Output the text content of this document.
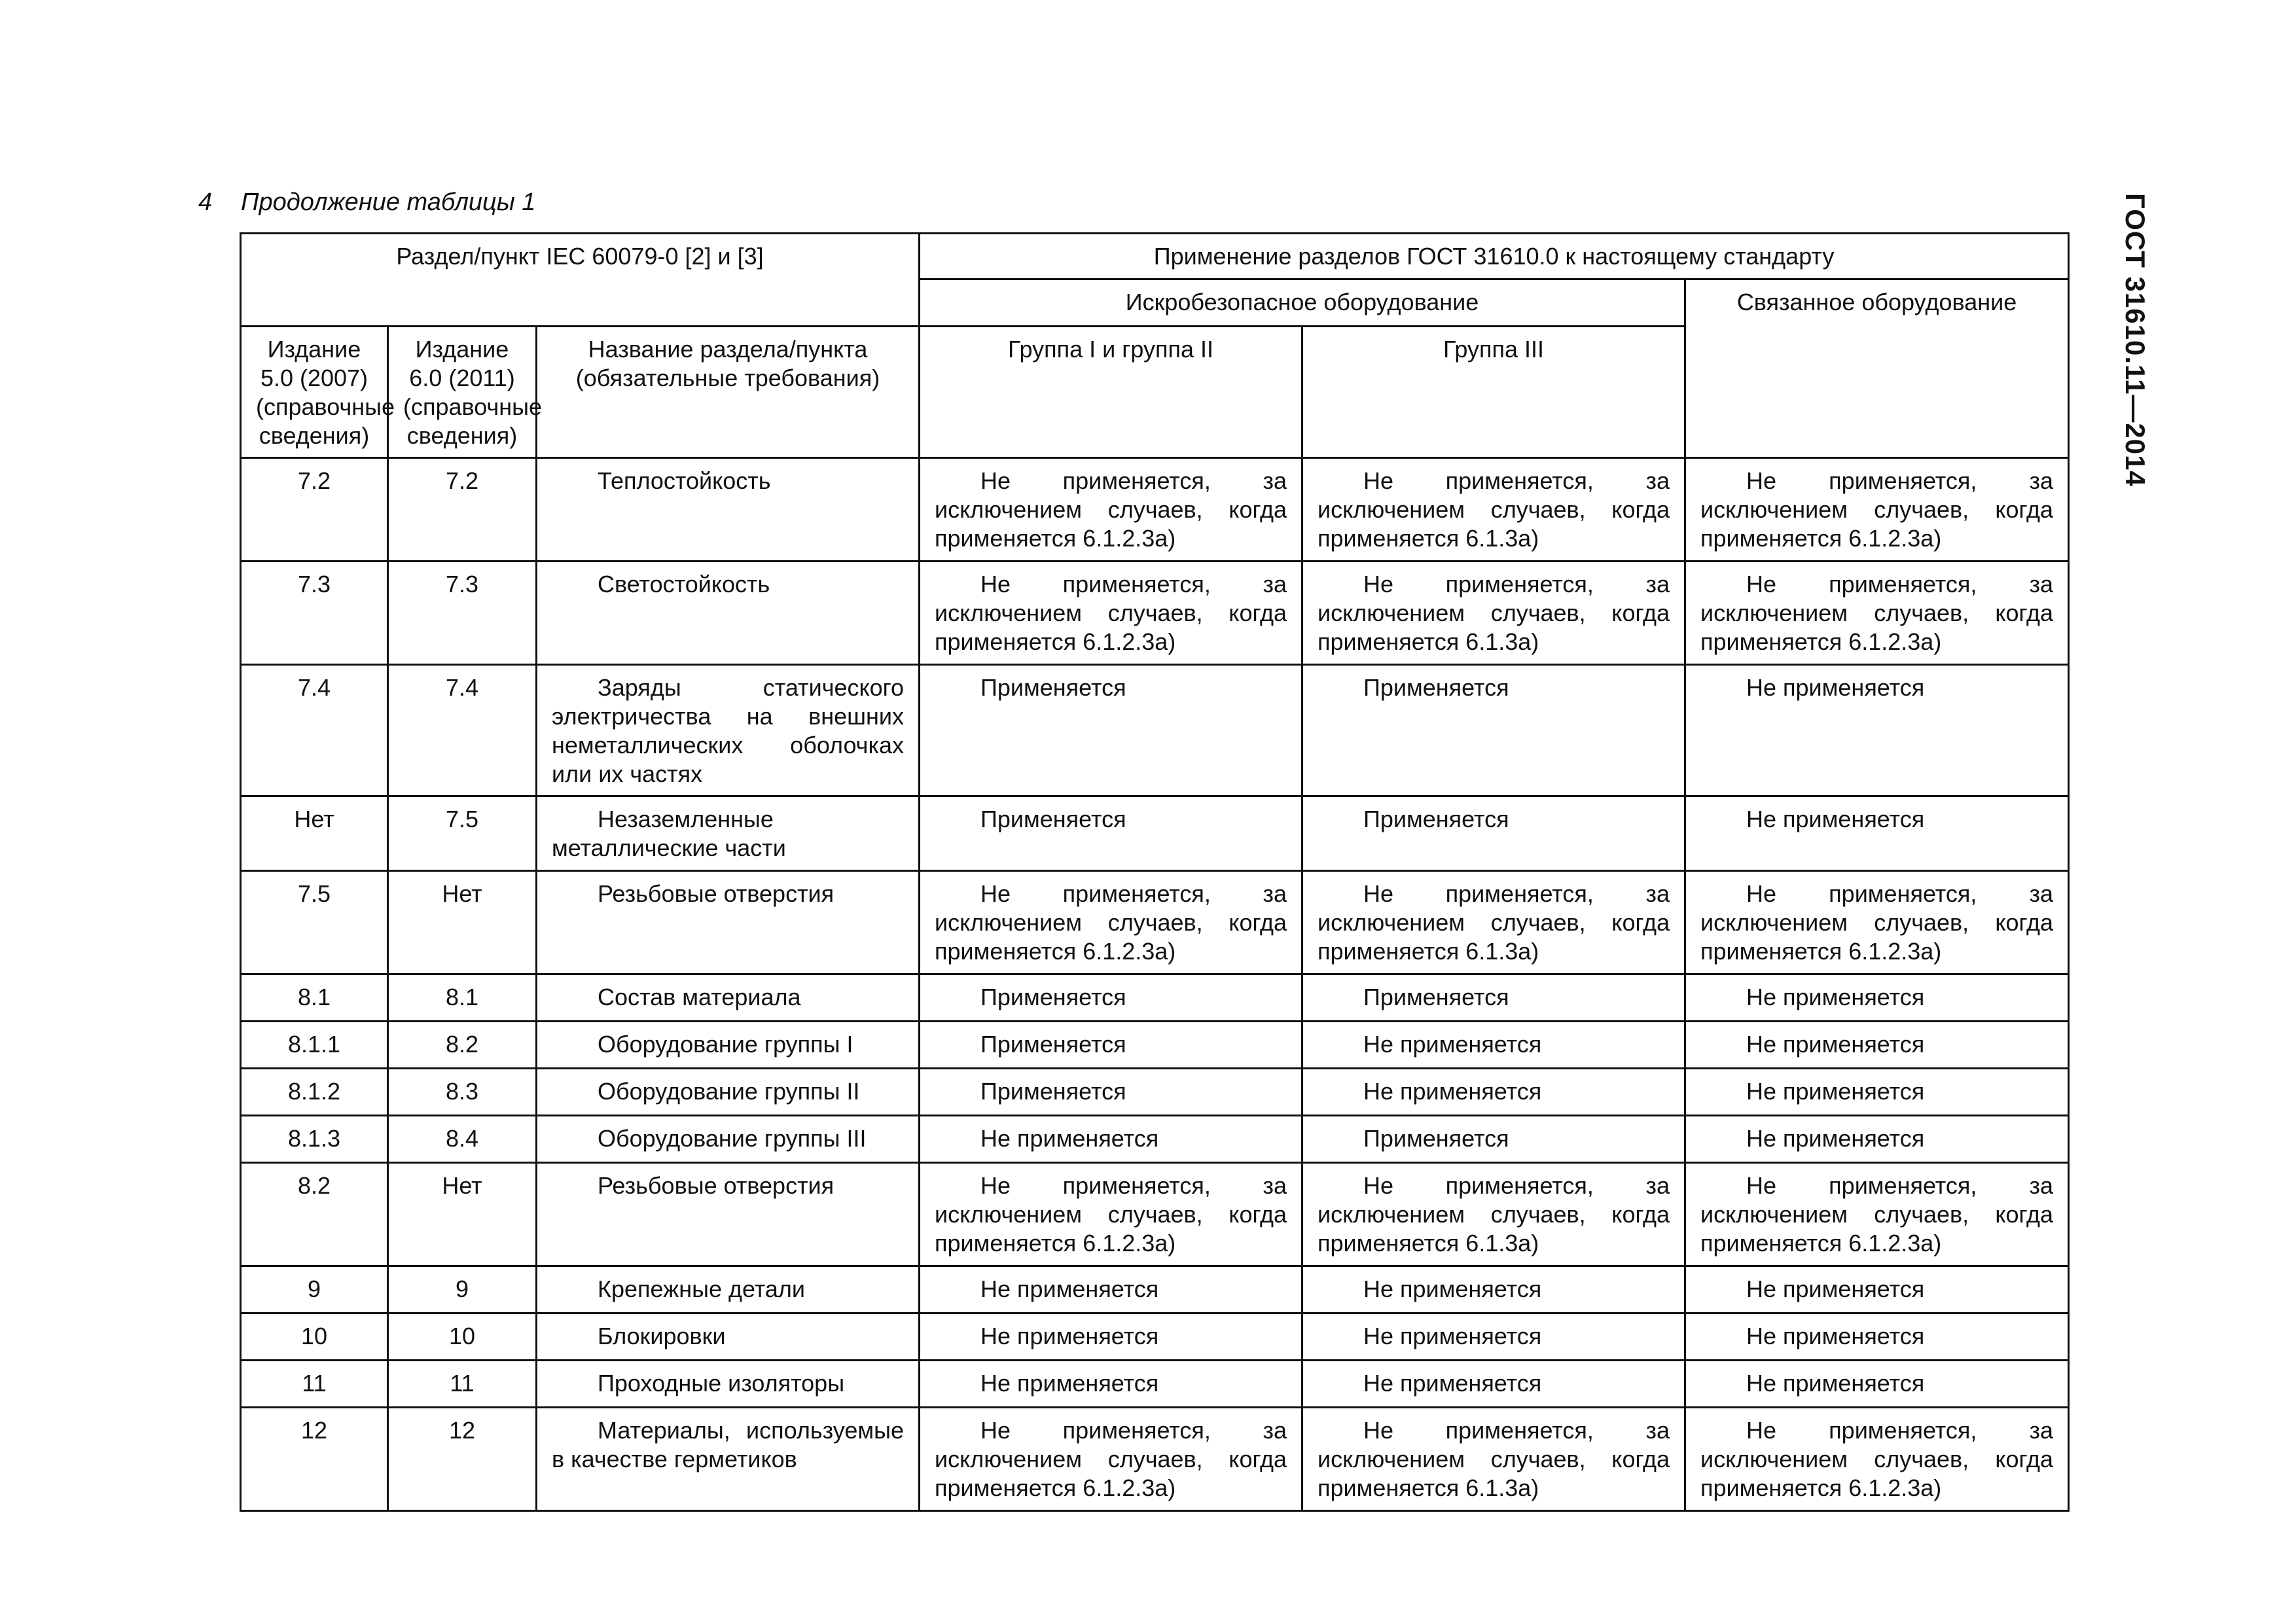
4 Продолжение таблицы 1	ГОСТ 31610.11—2014
Раздел/пункт IEC 60079-0 [2] и [3]			Применение разделов ГОСТ 31610.0 к настоящему стандарту		
			Искробезопасное оборудование		Связанное оборудование
Издание 5.0 (2007) (справочные сведения)	Издание 6.0 (2011) (справочные сведения)	Название раздела/пункта (обязательные требования)	Группа I и группа II	Группа III	
7.2	7.2	Теплостойкость	Не применяется, за исключением случаев, когда применяется 6.1.2.3а)	Не применяется, за исключением случаев, когда применяется 6.1.3а)	Не применяется, за исключением случаев, когда применяется 6.1.2.3а)
7.3	7.3	Светостойкость	Не применяется, за исключением случаев, когда применяется 6.1.2.3а)	Не применяется, за исключением случаев, когда применяется 6.1.3а)	Не применяется, за исключением случаев, когда применяется 6.1.2.3а)
7.4	7.4	Заряды статического электричества на внешних неметаллических оболочках или их частях	Применяется	Применяется	Не применяется
Нет	7.5	Незаземленные металлические части	Применяется	Применяется	Не применяется
7.5	Нет	Резьбовые отверстия	Не применяется, за исключением случаев, когда применяется 6.1.2.3а)	Не применяется, за исключением случаев, когда применяется 6.1.3а)	Не применяется, за исключением случаев, когда применяется 6.1.2.3а)
8.1	8.1	Состав материала	Применяется	Применяется	Не применяется
8.1.1	8.2	Оборудование группы I	Применяется	Не применяется	Не применяется
8.1.2	8.3	Оборудование группы II	Применяется	Не применяется	Не применяется
8.1.3	8.4	Оборудование группы III	Не применяется	Применяется	Не применяется
8.2	Нет	Резьбовые отверстия	Не применяется, за исключением случаев, когда применяется 6.1.2.3а)	Не применяется, за исключением случаев, когда применяется 6.1.3а)	Не применяется, за исключением случаев, когда применяется 6.1.2.3а)
9	9	Крепежные детали	Не применяется	Не применяется	Не применяется
10	10	Блокировки	Не применяется	Не применяется	Не применяется
11	11	Проходные изоляторы	Не применяется	Не применяется	Не применяется
12	12	Материалы, используемые в качестве герметиков	Не применяется, за исключением случаев, когда применяется 6.1.2.3а)	Не применяется, за исключением случаев, когда применяется 6.1.3а)	Не применяется, за исключением случаев, когда применяется 6.1.2.3а)
